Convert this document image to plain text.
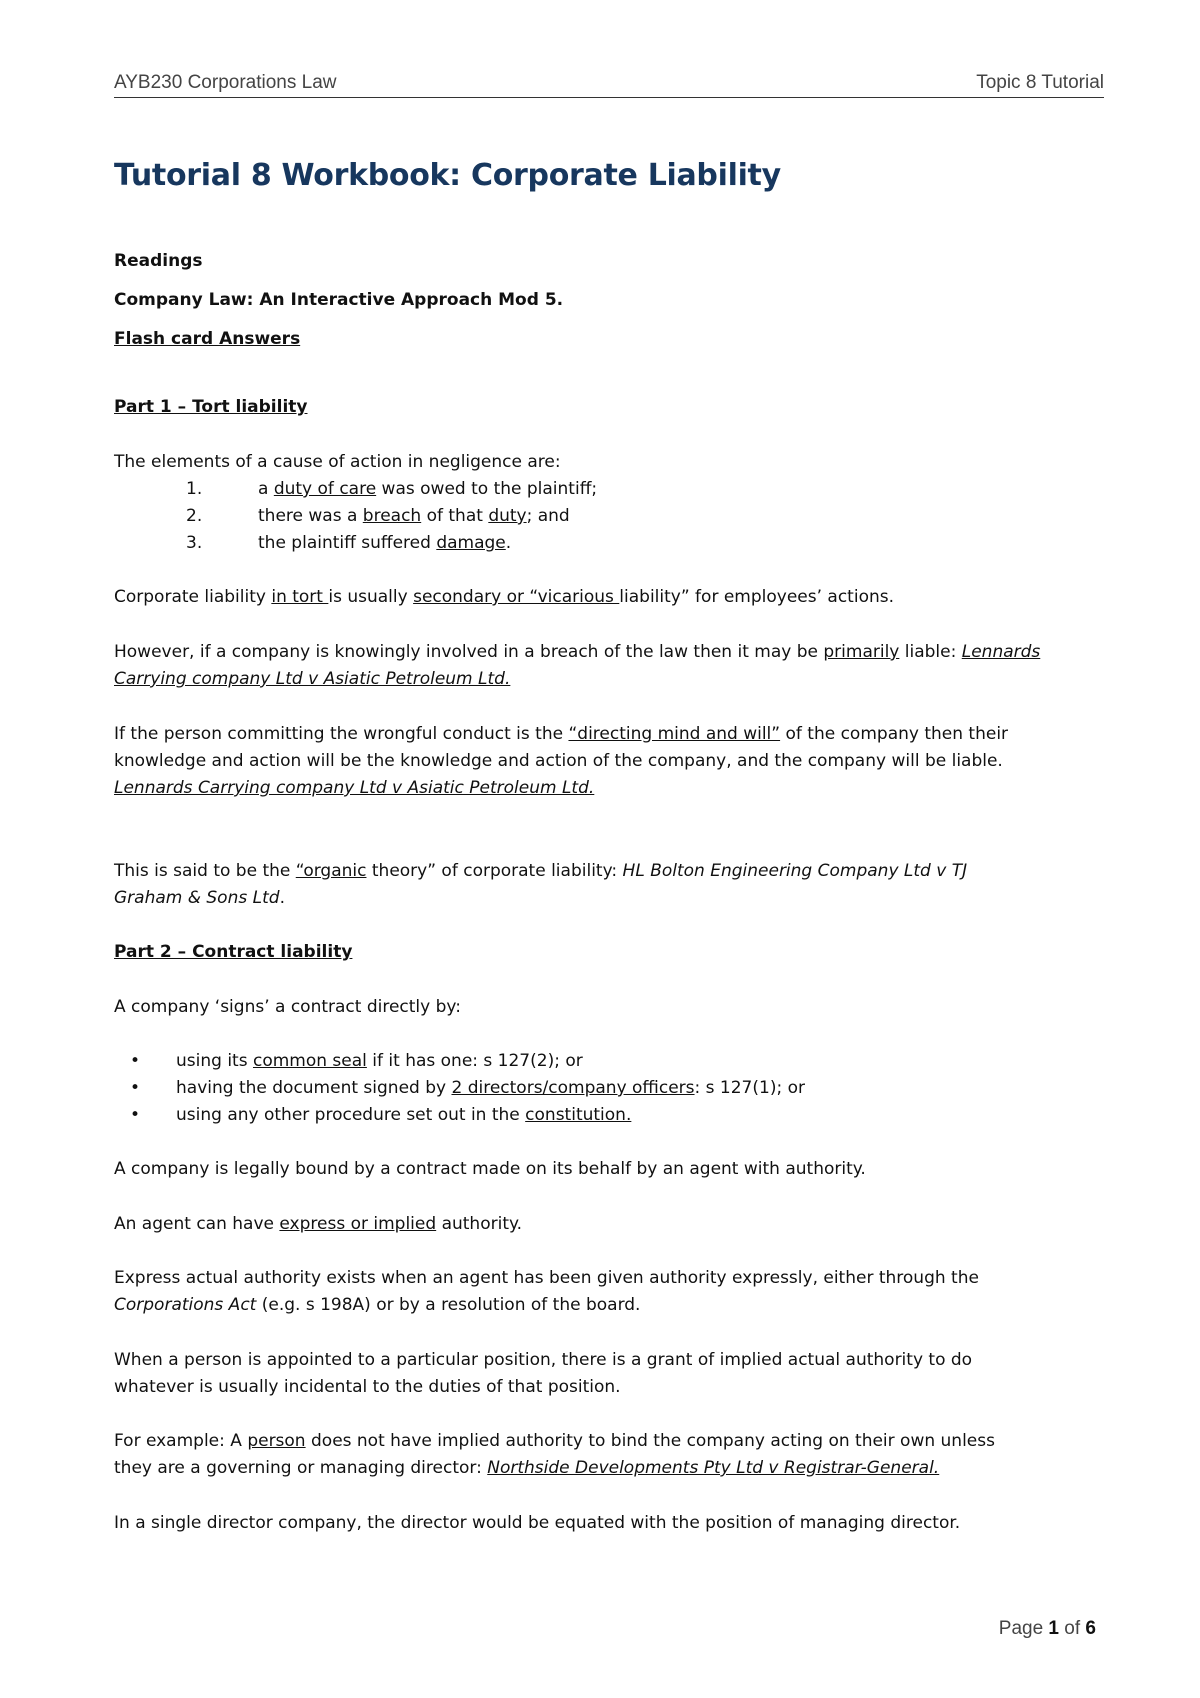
AYB230 Corporations Law	Topic 8 Tutorial
Tutorial 8 Workbook: Corporate Liability
Readings
Company Law: An Interactive Approach Mod 5.
Flash card Answers
Part 1 – Tort liability
The elements of a cause of action in negligence are:
1.	a duty of care was owed to the plaintiff;
2.	there was a breach of that duty; and
3.	the plaintiff suffered damage.
Corporate liability in tort is usually secondary or “vicarious liability” for employees’ actions.
However, if a company is knowingly involved in a breach of the law then it may be primarily liable: Lennards
Carrying company Ltd v Asiatic Petroleum Ltd.
If the person committing the wrongful conduct is the “directing mind and will” of the company then their
knowledge and action will be the knowledge and action of the company, and the company will be liable.
Lennards Carrying company Ltd v Asiatic Petroleum Ltd.
This is said to be the “organic theory” of corporate liability: HL Bolton Engineering Company Ltd v TJ
Graham & Sons Ltd.
Part 2 – Contract liability
A company ‘signs’ a contract directly by:
• using its common seal if it has one: s 127(2); or
• having the document signed by 2 directors/company officers: s 127(1); or
• using any other procedure set out in the constitution.
A company is legally bound by a contract made on its behalf by an agent with authority.
An agent can have express or implied authority.
Express actual authority exists when an agent has been given authority expressly, either through the
Corporations Act (e.g. s 198A) or by a resolution of the board.
When a person is appointed to a particular position, there is a grant of implied actual authority to do
whatever is usually incidental to the duties of that position.
For example: A person does not have implied authority to bind the company acting on their own unless
they are a governing or managing director: Northside Developments Pty Ltd v Registrar-General.
In a single director company, the director would be equated with the position of managing director.
Page 1 of 6
